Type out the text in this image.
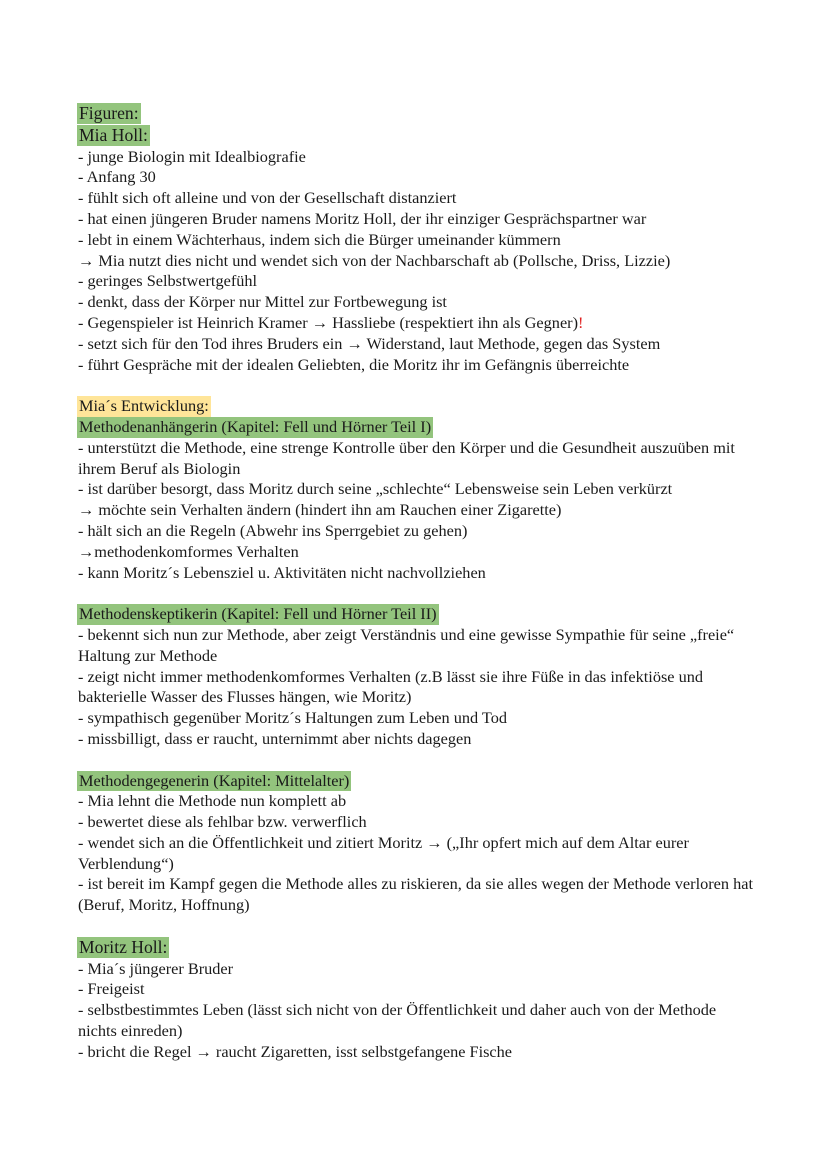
Figuren:
Mia Holl:
- junge Biologin mit Idealbiografie
- Anfang 30
- fühlt sich oft alleine und von der Gesellschaft distanziert
- hat einen jüngeren Bruder namens Moritz Holl, der ihr einziger Gesprächspartner war
- lebt in einem Wächterhaus, indem sich die Bürger umeinander kümmern
→ Mia nutzt dies nicht und wendet sich von der Nachbarschaft ab (Pollsche, Driss, Lizzie)
- geringes Selbstwertgefühl
- denkt, dass der Körper nur Mittel zur Fortbewegung ist
- Gegenspieler ist Heinrich Kramer → Hassliebe (respektiert ihn als Gegner)!
- setzt sich für den Tod ihres Bruders ein → Widerstand, laut Methode, gegen das System
- führt Gespräche mit der idealen Geliebten, die Moritz ihr im Gefängnis überreichte
Mia´s Entwicklung:
Methodenanhängerin (Kapitel: Fell und Hörner Teil I)
- unterstützt die Methode, eine strenge Kontrolle über den Körper und die Gesundheit auszuüben mit ihrem Beruf als Biologin
- ist darüber besorgt, dass Moritz durch seine „schlechte“ Lebensweise sein Leben verkürzt
→ möchte sein Verhalten ändern (hindert ihn am Rauchen einer Zigarette)
- hält sich an die Regeln (Abwehr ins Sperrgebiet zu gehen)
→methodenkomformes Verhalten
- kann Moritz´s Lebensziel u. Aktivitäten nicht nachvollziehen
Methodenskeptikerin (Kapitel: Fell und Hörner Teil II)
- bekennt sich nun zur Methode, aber zeigt Verständnis und eine gewisse Sympathie für seine „freie“ Haltung zur Methode
- zeigt nicht immer methodenkomformes Verhalten (z.B lässt sie ihre Füße in das infektiöse und bakterielle Wasser des Flusses hängen, wie Moritz)
- sympathisch gegenüber Moritz´s Haltungen zum Leben und Tod
- missbilligt, dass er raucht, unternimmt aber nichts dagegen
Methodengegenerin (Kapitel: Mittelalter)
- Mia lehnt die Methode nun komplett ab
- bewertet diese als fehlbar bzw. verwerflich
- wendet sich an die Öffentlichkeit und zitiert Moritz → („Ihr opfert mich auf dem Altar eurer Verblendung“)
- ist bereit im Kampf gegen die Methode alles zu riskieren, da sie alles wegen der Methode verloren hat (Beruf, Moritz, Hoffnung)
Moritz Holl:
- Mia´s jüngerer Bruder
- Freigeist
- selbstbestimmtes Leben (lässt sich nicht von der Öffentlichkeit und daher auch von der Methode nichts einreden)
- bricht die Regel → raucht Zigaretten, isst selbstgefangene Fische
